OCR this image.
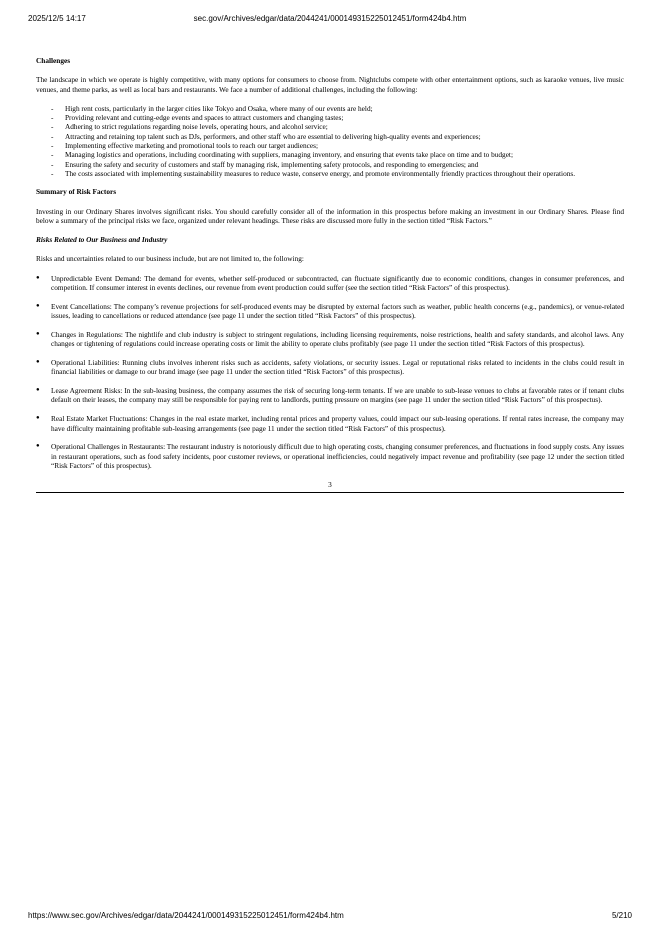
2025/12/5 14:17	sec.gov/Archives/edgar/data/2044241/000149315225012451/form424b4.htm
Challenges
The landscape in which we operate is highly competitive, with many options for consumers to choose from. Nightclubs compete with other entertainment options, such as karaoke venues, live music venues, and theme parks, as well as local bars and restaurants. We face a number of additional challenges, including the following:
- High rent costs, particularly in the larger cities like Tokyo and Osaka, where many of our events are held;
- Providing relevant and cutting-edge events and spaces to attract customers and changing tastes;
- Adhering to strict regulations regarding noise levels, operating hours, and alcohol service;
- Attracting and retaining top talent such as DJs, performers, and other staff who are essential to delivering high-quality events and experiences;
- Implementing effective marketing and promotional tools to reach our target audiences;
- Managing logistics and operations, including coordinating with suppliers, managing inventory, and ensuring that events take place on time and to budget;
- Ensuring the safety and security of customers and staff by managing risk, implementing safety protocols, and responding to emergencies; and
- The costs associated with implementing sustainability measures to reduce waste, conserve energy, and promote environmentally friendly practices throughout their operations.
Summary of Risk Factors
Investing in our Ordinary Shares involves significant risks. You should carefully consider all of the information in this prospectus before making an investment in our Ordinary Shares. Please find below a summary of the principal risks we face, organized under relevant headings. These risks are discussed more fully in the section titled “Risk Factors.”
Risks Related to Our Business and Industry
Risks and uncertainties related to our business include, but are not limited to, the following:
● Unpredictable Event Demand: The demand for events, whether self-produced or subcontracted, can fluctuate significantly due to economic conditions, changes in consumer preferences, and competition. If consumer interest in events declines, our revenue from event production could suffer (see the section titled “Risk Factors” of this prospectus).
● Event Cancellations: The company’s revenue projections for self-produced events may be disrupted by external factors such as weather, public health concerns (e.g., pandemics), or venue-related issues, leading to cancellations or reduced attendance (see page 11 under the section titled “Risk Factors” of this prospectus).
● Changes in Regulations: The nightlife and club industry is subject to stringent regulations, including licensing requirements, noise restrictions, health and safety standards, and alcohol laws. Any changes or tightening of regulations could increase operating costs or limit the ability to operate clubs profitably (see page 11 under the section titled “Risk Factors of this prospectus).
● Operational Liabilities: Running clubs involves inherent risks such as accidents, safety violations, or security issues. Legal or reputational risks related to incidents in the clubs could result in financial liabilities or damage to our brand image (see page 11 under the section titled “Risk Factors” of this prospectus).
● Lease Agreement Risks: In the sub-leasing business, the company assumes the risk of securing long-term tenants. If we are unable to sub-lease venues to clubs at favorable rates or if tenant clubs default on their leases, the company may still be responsible for paying rent to landlords, putting pressure on margins (see page 11 under the section titled “Risk Factors” of this prospectus).
● Real Estate Market Fluctuations: Changes in the real estate market, including rental prices and property values, could impact our sub-leasing operations. If rental rates increase, the company may have difficulty maintaining profitable sub-leasing arrangements (see page 11 under the section titled “Risk Factors” of this prospectus).
● Operational Challenges in Restaurants: The restaurant industry is notoriously difficult due to high operating costs, changing consumer preferences, and fluctuations in food supply costs. Any issues in restaurant operations, such as food safety incidents, poor customer reviews, or operational inefficiencies, could negatively impact revenue and profitability (see page 12 under the section titled “Risk Factors” of this prospectus).
3
https://www.sec.gov/Archives/edgar/data/2044241/000149315225012451/form424b4.htm	5/210
